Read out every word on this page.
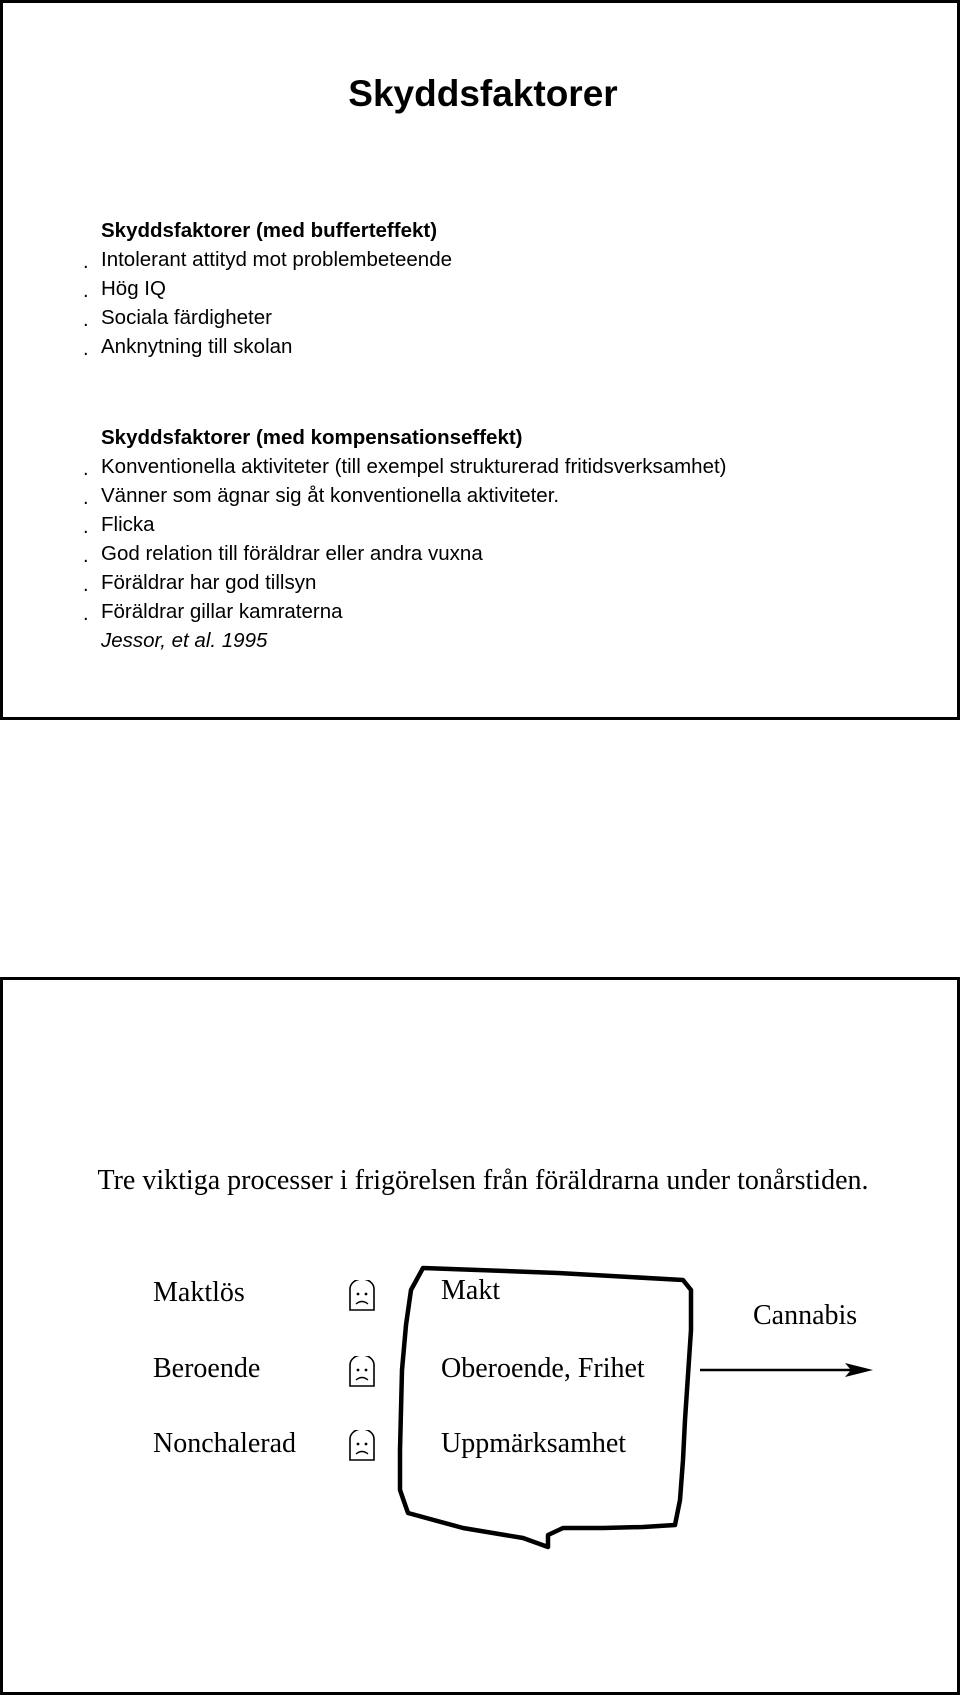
Skyddsfaktorer
Skyddsfaktorer (med bufferteffekt)
. Intolerant attityd mot problembeteende
. Hög IQ
. Sociala färdigheter
. Anknytning till skolan
Skyddsfaktorer (med kompensationseffekt)
. Konventionella aktiviteter (till exempel strukturerad fritidsverksamhet)
. Vänner som ägnar sig åt konventionella aktiviteter.
. Flicka
. God relation till föräldrar eller andra vuxna
. Föräldrar har god tillsyn
. Föräldrar gillar kamraterna
Jessor, et al. 1995
Tre viktiga processer i frigörelsen från föräldrarna under tonårstiden.
Maktlös
Beroende
Nonchalerad
Makt
Oberoende, Frihet
Uppmärksamhet
Cannabis
